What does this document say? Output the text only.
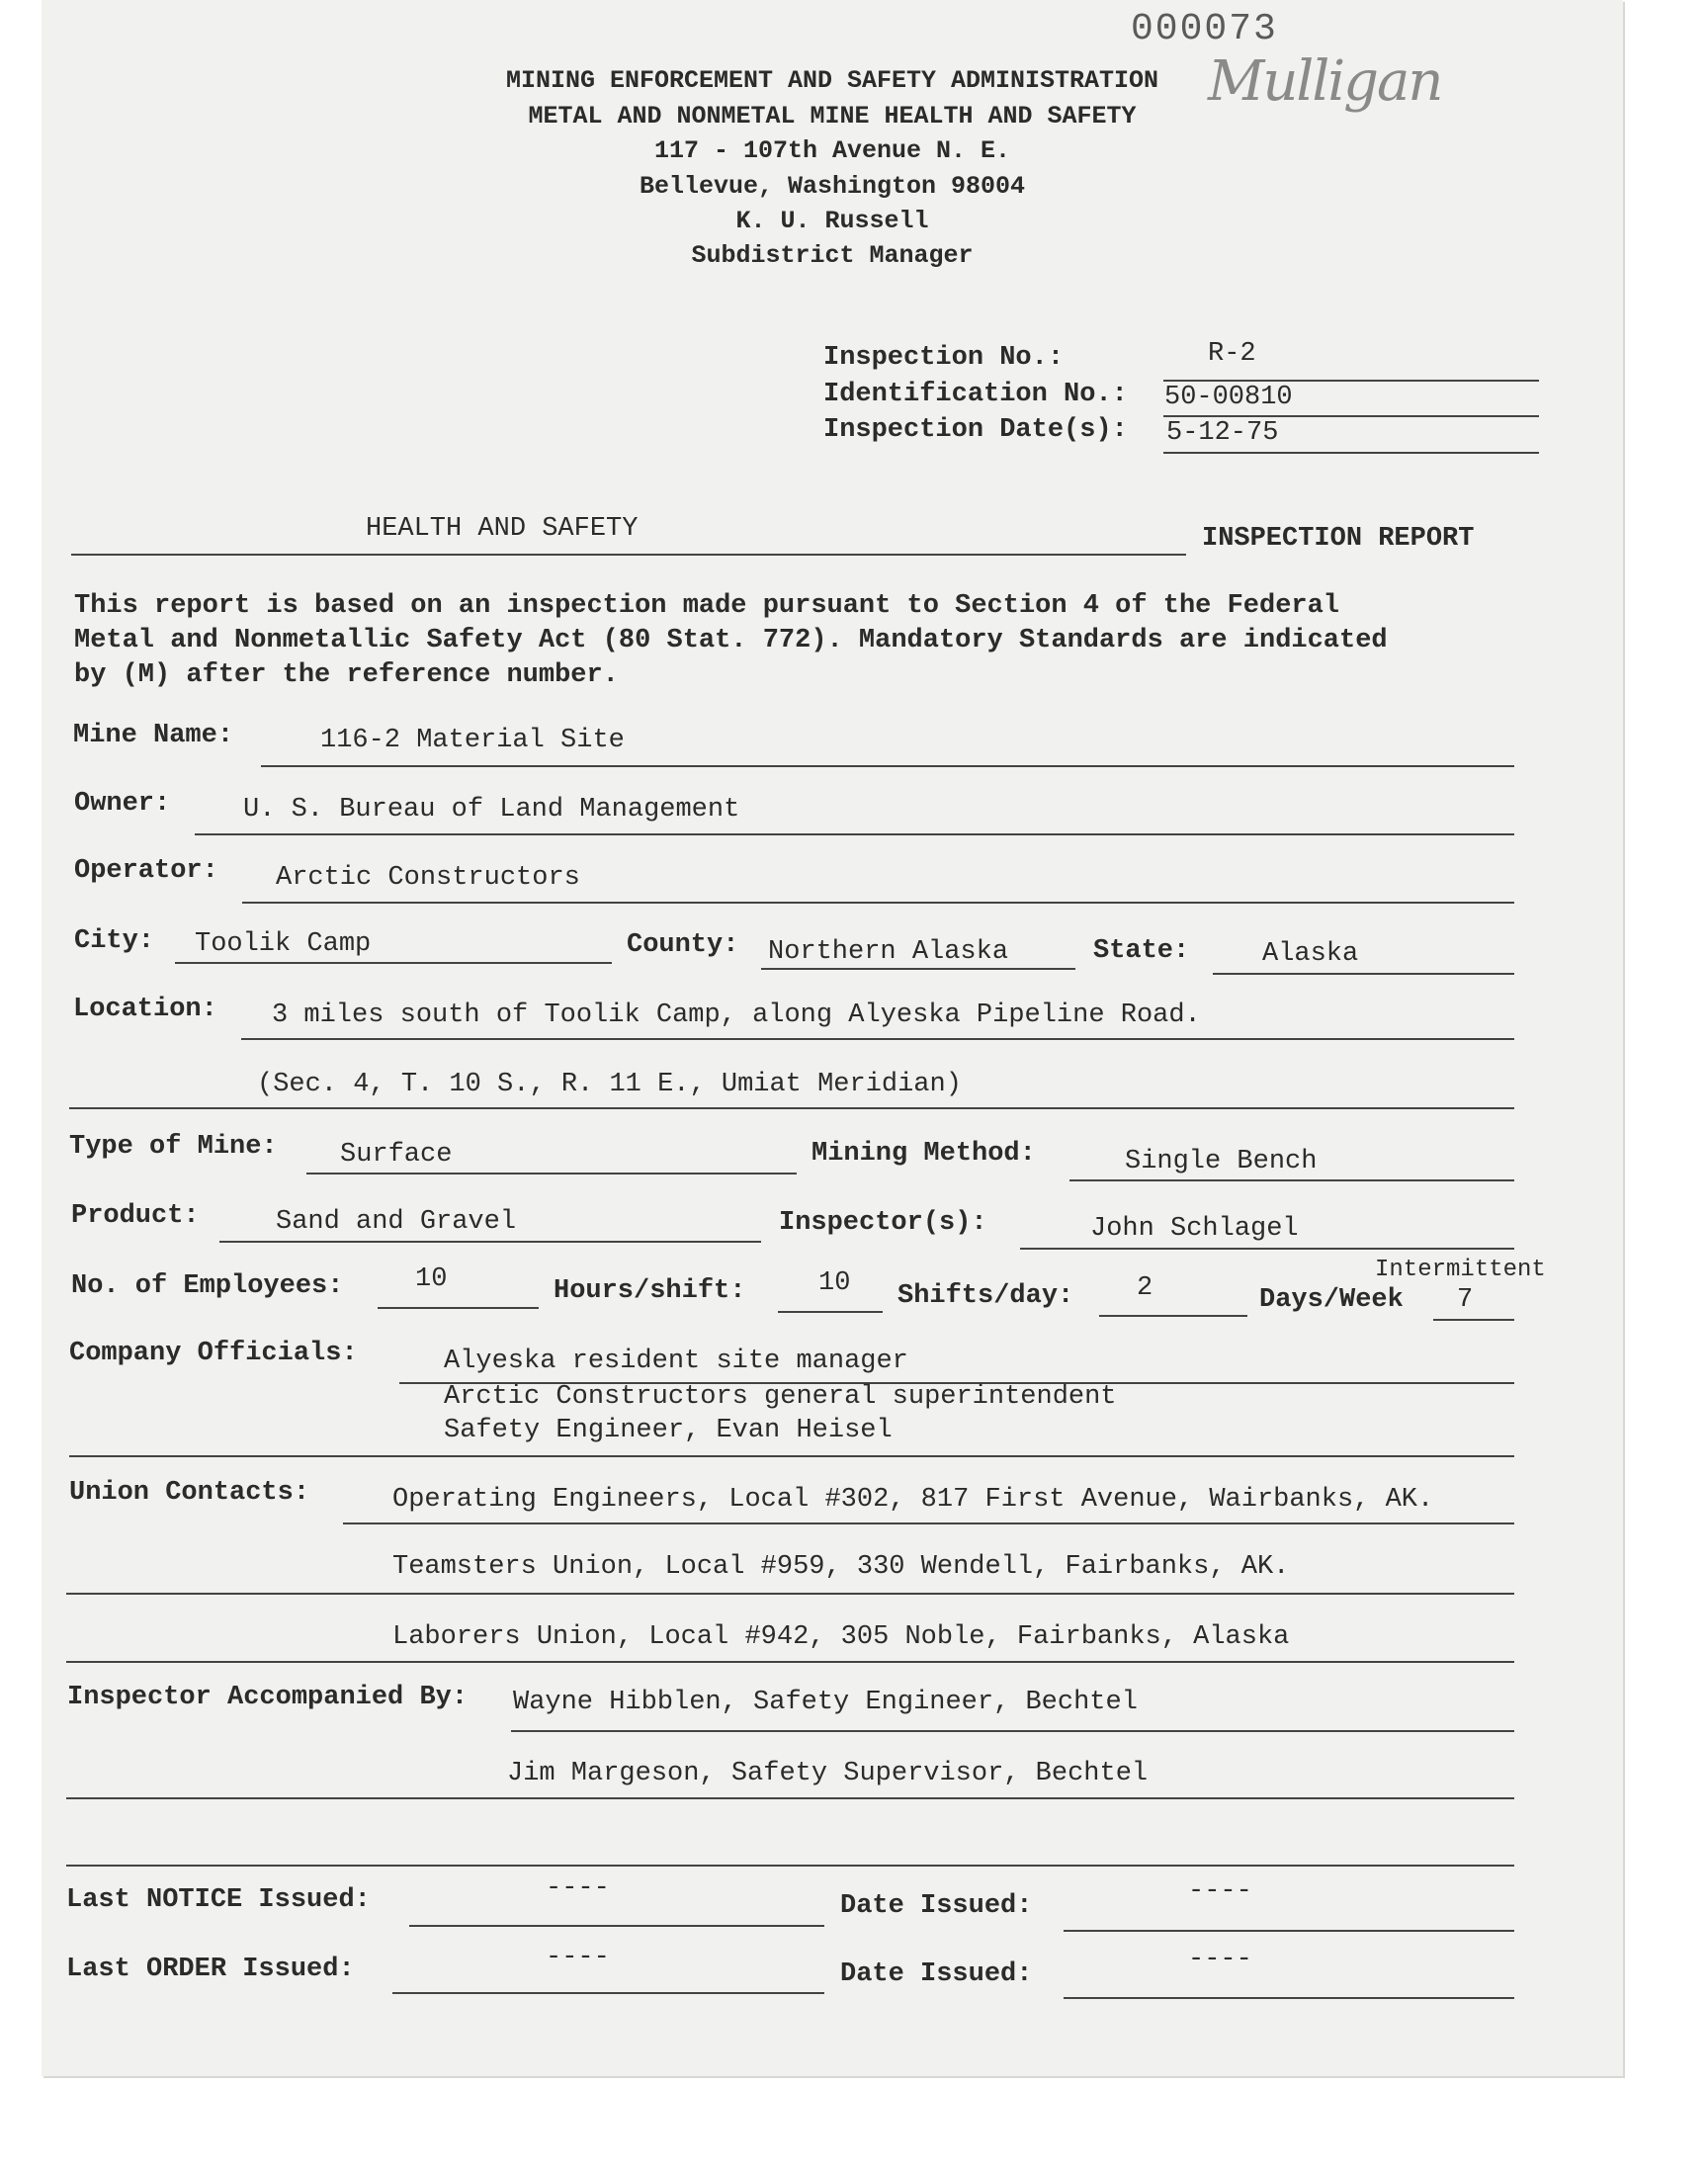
000073
Mulligan
MINING ENFORCEMENT AND SAFETY ADMINISTRATION
METAL AND NONMETAL MINE HEALTH AND SAFETY
117 - 107th Avenue N. E.
Bellevue, Washington 98004
K. U. Russell
Subdistrict Manager
Inspection No.:	R-2
Identification No.: 50-00810
Inspection Date(s): 5-12-75
HEALTH AND SAFETY	INSPECTION REPORT
This report is based on an inspection made pursuant to Section 4 of the Federal
Metal and Nonmetallic Safety Act (80 Stat. 772). Mandatory Standards are indicated
by (M) after the reference number.
Mine Name:	116-2 Material Site
Owner:	U. S. Bureau of Land Management
Operator: Arctic Constructors
City: Toolik Camp	County: Northern Alaska	State:	Alaska
Location: 3 miles south of Toolik Camp, along Alyeska Pipeline Road.
(Sec. 4, T. 10 S., R. 11 E., Umiat Meridian)
Type of Mine: Surface	Mining Method:	Single Bench
Product:	Sand and Gravel	Inspector(s):	John Schlagel
No. of Employees:	10	Hours/shift:	10 Shifts/day: 2
Intermittent
Days/Week 7
Company Officials:	Alyeska resident site manager
Arctic Constructors general superintendent
Safety Engineer, Evan Heisel
Union Contacts:	Operating Engineers, Local #302, 817 First Avenue, Wairbanks, AK.
Teamsters Union, Local #959, 330 Wendell, Fairbanks, AK.
Laborers Union, Local #942, 305 Noble, Fairbanks, Alaska
Inspector Accompanied By: Wayne Hibblen, Safety Engineer, Bechtel
Jim Margeson, Safety Supervisor, Bechtel
Last NOTICE Issued:	----
Date Issued:	----
Last ORDER Issued:	----
Date Issued:	----
